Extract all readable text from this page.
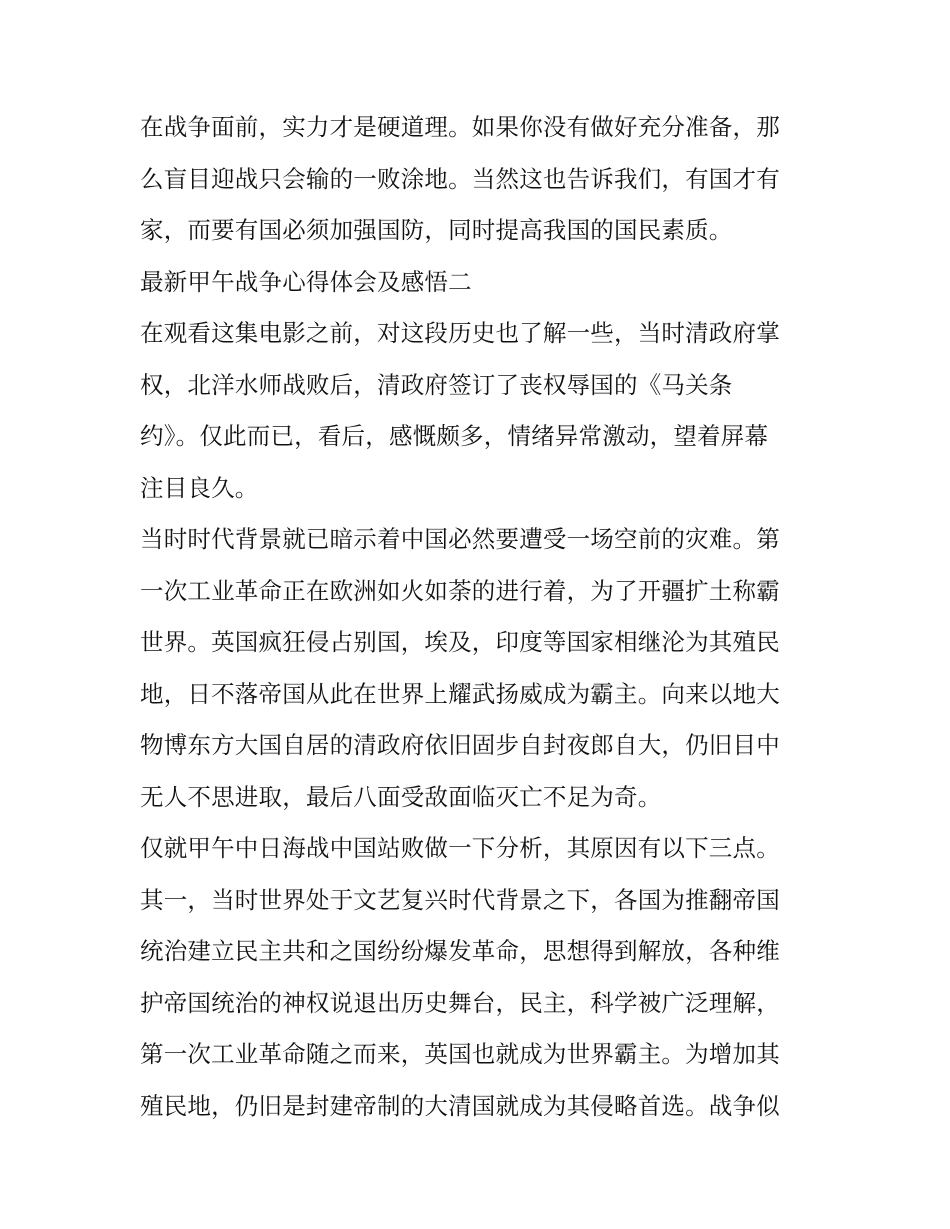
在战争面前，实力才是硬道理。如果你没有做好充分准备，那
么盲目迎战只会输的一败涂地。当然这也告诉我们，有国才有
家，而要有国必须加强国防，同时提高我国的国民素质。
最新甲午战争心得体会及感悟二
在观看这集电影之前，对这段历史也了解一些，当时清政府掌
权，北洋水师战败后，清政府签订了丧权辱国的《马关条
约》。仅此而已，看后，感慨颇多，情绪异常激动，望着屏幕
注目良久。
当时时代背景就已暗示着中国必然要遭受一场空前的灾难。第
一次工业革命正在欧洲如火如荼的进行着，为了开疆扩土称霸
世界。英国疯狂侵占别国，埃及，印度等国家相继沦为其殖民
地，日不落帝国从此在世界上耀武扬威成为霸主。向来以地大
物博东方大国自居的清政府依旧固步自封夜郎自大，仍旧目中
无人不思进取，最后八面受敌面临灭亡不足为奇。
仅就甲午中日海战中国站败做一下分析，其原因有以下三点。
其一，当时世界处于文艺复兴时代背景之下，各国为推翻帝国
统治建立民主共和之国纷纷爆发革命，思想得到解放，各种维
护帝国统治的神权说退出历史舞台，民主，科学被广泛理解，
第一次工业革命随之而来，英国也就成为世界霸主。为增加其
殖民地，仍旧是封建帝制的大清国就成为其侵略首选。战争似
